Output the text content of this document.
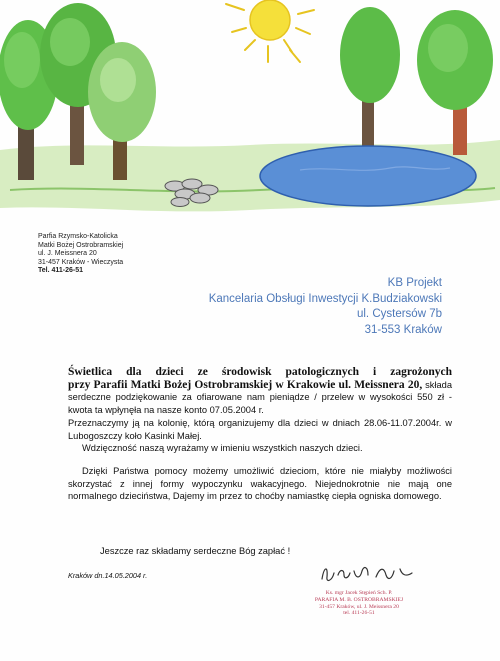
Parfia Rzymsko-Katolicka
Matki Bożej Ostrobramskiej
ul. J. Meissnera 20
31-457 Kraków - Wieczysta
Tel. 411-26-51
KB Projekt
Kancelaria Obsługi Inwestycji K.Budziakowski
ul. Cystersów 7b
31-553 Kraków

Świetlica dla dzieci ze środowisk patologicznych i zagrożonych

przy Parafii Matki Bożej Ostrobramskiej w Krakowie ul. Meissnera 20, składa serdeczne podziękowanie za ofiarowane nam pieniądze / przelew w wysokości 550 zł - kwota ta wpłynęła na nasze konto 07.05.2004 r.

Przeznaczymy ją na kolonię, którą organizujemy dla dzieci w dniach 28.06-11.07.2004r. w Lubogoszczy koło Kasinki Małej.

Wdzięczność naszą wyrażamy w imieniu wszystkich naszych dzieci.

Dzięki Państwa pomocy możemy umożliwić dzieciom, które nie miałyby możliwości skorzystać z innej formy wypoczynku wakacyjnego. Niejednokrotnie nie mają one normalnego dzieciństwa, Dajemy im przez to choćby namiastkę ciepła ogniska domowego.

Jeszcze raz składamy serdeczne Bóg zapłać !
Kraków dn.14.05.2004 r.
Ks. mgr Jacek Stępień Sch. P.
PARAFIA M. B. OSTROBRAMSKIEJ
31-457 Kraków, ul. J. Meissnera 20
tel. 411-26-51
